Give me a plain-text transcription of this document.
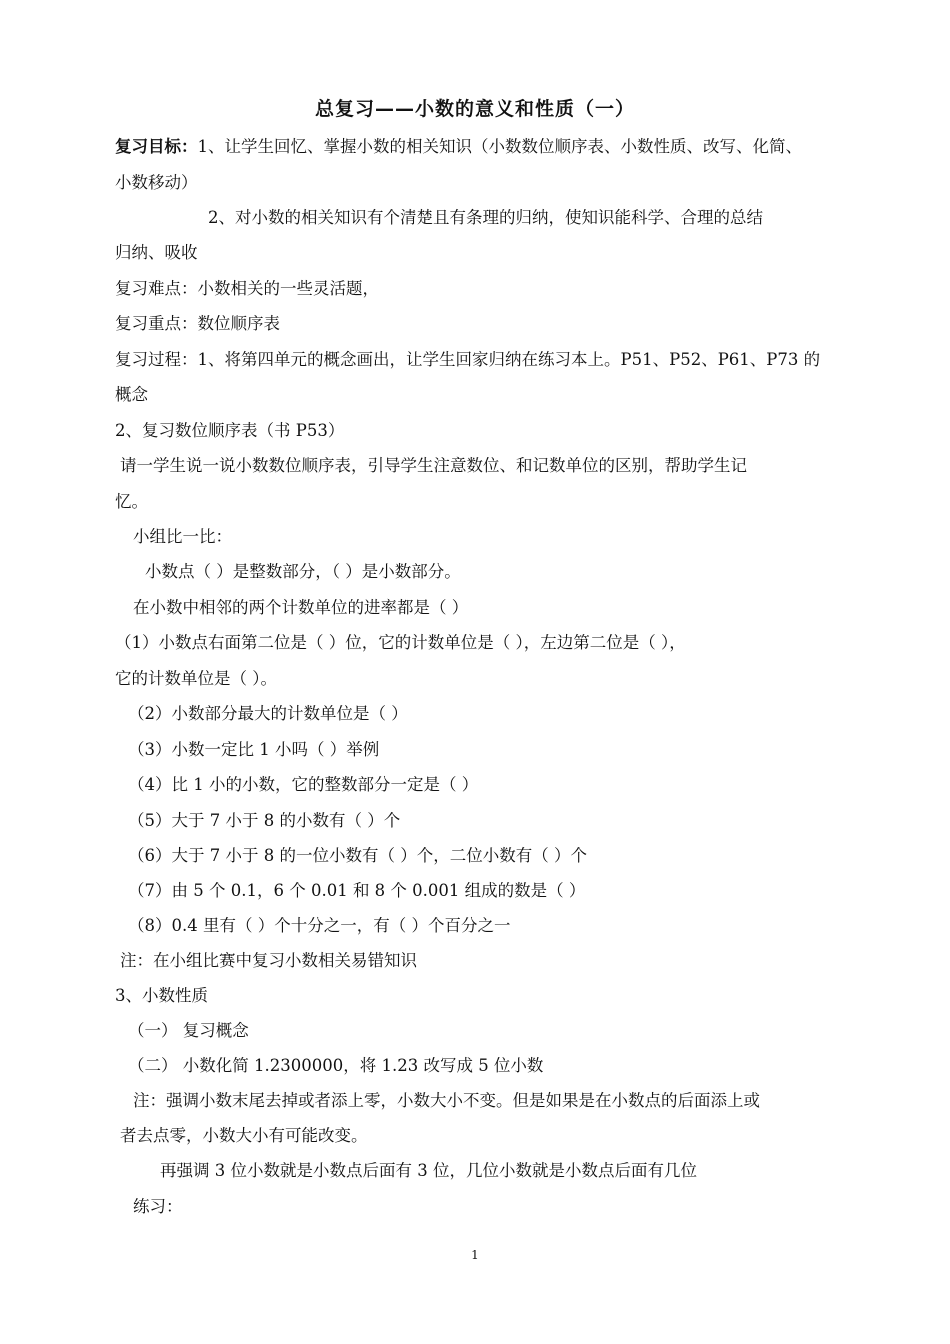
总复习——小数的意义和性质（一）
复习目标：1、让学生回忆、掌握小数的相关知识（小数数位顺序表、小数性质、改写、化简、
小数移动）
2、对小数的相关知识有个清楚且有条理的归纳，使知识能科学、合理的总结
归纳、吸收
复习难点：小数相关的一些灵活题，
复习重点：数位顺序表
复习过程：1、将第四单元的概念画出，让学生回家归纳在练习本上。P51、P52、P61、P73 的
概念
2、复习数位顺序表（书 P53）
请一学生说一说小数数位顺序表，引导学生注意数位、和记数单位的区别，帮助学生记
忆。
小组比一比：
小数点（ ）是整数部分，（ ）是小数部分。
在小数中相邻的两个计数单位的进率都是（ ）
（1）小数点右面第二位是（ ）位，它的计数单位是（ ），左边第二位是（ ），
它的计数单位是（ ）。
（2）小数部分最大的计数单位是（ ）
（3）小数一定比 1 小吗（ ）举例
（4）比 1 小的小数，它的整数部分一定是（ ）
（5）大于 7 小于 8 的小数有（ ）个
（6）大于 7 小于 8 的一位小数有（ ）个，二位小数有（ ）个
（7）由 5 个 0.1，6 个 0.01 和 8 个 0.001 组成的数是（ ）
（8）0.4 里有（ ）个十分之一，有（ ）个百分之一
注：在小组比赛中复习小数相关易错知识
3、小数性质
（一） 复习概念
（二） 小数化简 1.2300000，将 1.23 改写成 5 位小数
注：强调小数末尾去掉或者添上零，小数大小不变。但是如果是在小数点的后面添上或
者去点零，小数大小有可能改变。
再强调 3 位小数就是小数点后面有 3 位，几位小数就是小数点后面有几位
练习：
1
